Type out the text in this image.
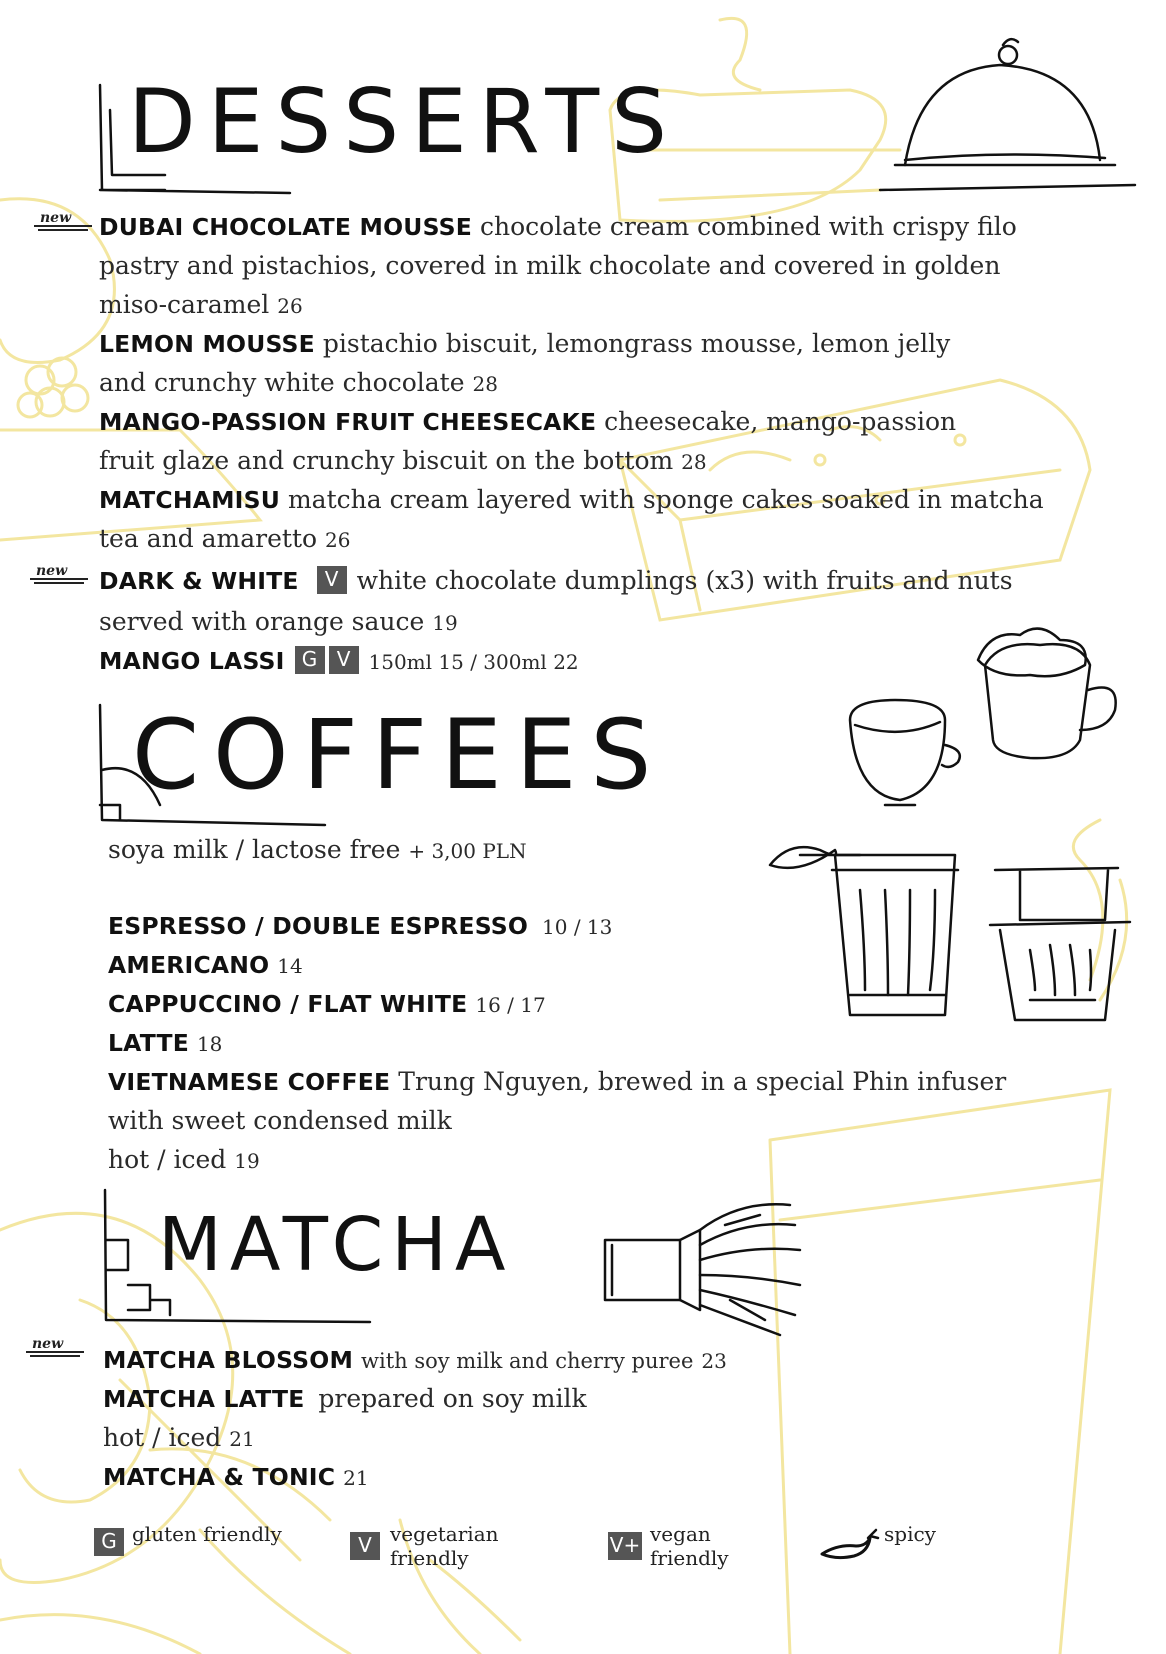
DESSERTS
new DUBAI CHOCOLATE MOUSSE chocolate cream combined with crispy filo
pastry and pistachios, covered in milk chocolate and covered in golden
miso-caramel 26
LEMON MOUSSE pistachio biscuit, lemongrass mousse, lemon jelly
and crunchy white chocolate 28
MANGO-PASSION FRUIT CHEESECAKE cheesecake, mango-passion
fruit glaze and crunchy biscuit on the bottom 28
MATCHAMISU matcha cream layered with sponge cakes soaked in matcha
tea and amaretto 26
new DARK & WHITE V white chocolate dumplings (x3) with fruits and nuts
served with orange sauce 19
MANGO LASSI G V 150ml 15 / 300ml 22
COFFEES
soya milk / lactose free + 3,00 PLN
ESPRESSO / DOUBLE ESPRESSO 10 / 13
AMERICANO 14
CAPPUCCINO / FLAT WHITE 16 / 17
LATTE 18
VIETNAMESE COFFEE Trung Nguyen, brewed in a special Phin infuser
with sweet condensed milk
hot / iced 19
MATCHA
new
MATCHA BLOSSOM with soy milk and cherry puree 23
MATCHA LATTE prepared on soy milk
hot / iced 21
MATCHA & TONIC 21
G gluten friendly	V vegetarian
friendly
V+ vegan
friendly
spicy
